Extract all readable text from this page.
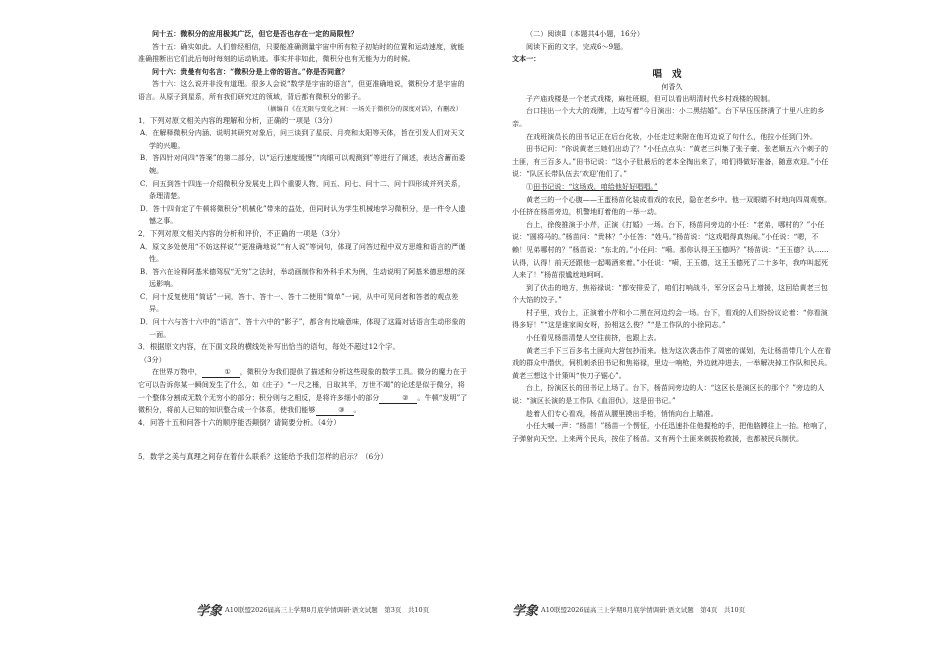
问十五：微积分的应用极其广泛，但它是否也存在一定的局限性？

答十五：确实如此。人们曾经相信，只要能准确测量宇宙中所有粒子初始时的位置和运动速度，就能准确推断出它们此后每时每刻的运动轨迹。事实并非如此，微积分也有无能为力的时候。

问十六：贵曼有句名言：“微积分是上帝的语言。”你是否同意？

答十六：这么说并非没有道理。很多人会说“数学是宇宙的语言”，但更准确地说，微积分才是宇宙的语言。从原子到星系，所有我们研究过的领域，背后都有微积分的影子。

（摘编自《在无限与变化之间：一场关于微积分的深度对话》，有删改）

1．下列对原文相关内容的理解和分析，正确的一项是（3分）

A．在解释微积分内涵、说明其研究对象后，问三谈到了星辰、月亮和太阳等天体，旨在引发人们对天文学的兴趣。

B．答四针对问四“答案”的第二部分，以“运行速度缓慢”“肉眼可以观测到”等进行了阐述，表达含蓄而委婉。

C．问五到答十四连一介绍微积分发展史上四个重要人物，问五、问七、问十二、问十四形成并列关系，条理清楚。

D．答十四肯定了牛顿将微积分“机械化”带来的益处，但同时认为学生机械地学习微积分，是一件令人遗憾之事。

2．下列对原文相关内容的分析和评价，不正确的一项是（3分）

A．原文多处使用“不妨这样说”“更准确地说”“有人说”等词句，体现了问答过程中双方思维和语言的严谨性。

B．答六在诠释阿基米德驾驭“无穷”之法时，举动画制作和外科手术为例，生动说明了阿基米德思想的深远影响。

C．问十反复使用“简话”一词，答十、答十一、答十二使用“简单”一词，从中可见问者和答者的观点差异。

D．问十六与答十六中的“语言”、答十六中的“影子”，都含有比喻意味，体现了这篇对话语言生动形象的一面。

3．根据原文内容，在下面文段的横线处补写出恰当的语句，每处不超过12个字。

（3分）

在世界万物中，	① ，微积分为我们提供了描述和分析这些现象的数学工具。微分的魔力在于它可以告诉你某一瞬间发生了什么，如《庄子》“一尺之棰，日取其半，万世不竭”的论述是似于微分，将一个整体分割成无数个无穷小的部分；积分则与之相反，是将许多细小的部分	② 。牛顿“发明”了微积分，将前人已知的知识整合成一个体系，使我们能够	③ 。

4．问答十五和问答十六的顺序能否颠倒？请简要分析。（4分）

5．数学之美与真理之间存在着什么联系？这能给予我们怎样的启示？（6分）

学象 A10联盟2026届高三上学期8月底学情调研·语文试题　第3页　共10页

（二）阅读Ⅱ（本题共4小题，16分）

阅读下面的文字，完成6～9题。

文本一：

唱戏

何香久

子产庙戏楼是一个老式戏楼，麻杜班眼，但可以看出明清时代乡村戏楼的规制。

台口挂出一个大大的戏牌，上边写着“今日演出：小二黑结婚”。台下早压压挤满了十里八庄的乡亲。

在戏班演员长的田书记正在后台化妆，小任走过来附在他耳边说了句什么，他拉小任到门外。

田书记问：“你说黄老三她们出动了？”小任点点头：“黄老三纠集了张子豪、张老顺五六个刺子的土匪，有三百多人。”田书记说：“这小子肚最后的老本全掏出来了，咱们得做好准备，随意欢迎。”小任说：“队区长带队伍去‘欢迎’他们了。”

①田书记说：“这场戏，咱给他好好唱唱。”

黄老三的一个心腹——王蛋杨苗化装成看戏的农民，隐在老乡中。他一双眼睛不时地向四周观察。小任挤在杨苗旁边，机警地盯着他的一举一动。

台上，徐俊推演于小芹，正演《打婚》一场。台下，杨苗问旁边的小任：“老弟，哪村的？”小任说：“圆将马的。”杨苗问：“贵林？”小任答：“姓马。”杨苗说：“这戏唱得真热闹。”小任说：“嗯，不赖！见弟哪村的？”杨苗说：“东北的。”小任问：“嗬。那你认得王玉德吗？”杨苗说：“王玉德？认……认得，认得！前天还跟他一起喝酒来着。”小任说：“嗬，王玉德，这王玉德死了二十多年，我咋叫起死人来了！”杨苗很尴尬地呵呵。

到了伏击的地方，焦裕禄说：“都安排妥了，咱们打响战斗，军分区会马上增援，这回给黄老三包个大馅的饺子。”

村子里，戏台上，正演着小芹和小二黑在河边约会一场。台下，看戏的人们纷纷议论着：“你看演得多好！”“这是谁家闺女呀，扮相这么俊？”“是工作队的小徐同志。”

小任看见杨苗清楚人空往前挤，也跟上去。

黄老三手下三百多名土匪向大营包抄而来。他为这次袭击作了周密的谋划，先让杨苗带几个人在看戏的群众中潜伏，伺机刺杀田书记和焦裕禄，里边一响枪，外边就冲进去，一举解决掉工作队和民兵。黄老三想这个计策叫“快刀子锯心”。

台上，扮演区长的田书记上场了。台下，杨苗问旁边的人：“这区长是演区长的那个？”旁边的人说：“演区长演的是工作队《血泪仇》，这是田书记。”

趁着人们专心看戏，杨苗从腰里摸出手枪，悄悄向台上瞄准。

小任大喊一声：“杨苗！”杨苗一个愣怔，小任迅速扑住他握枪的手，把他胳膊往上一抬。枪响了，子弹射向天空。上来两个民兵，按住了杨苗。又有两个土匪来刺拔枪救援，也都被民兵制伏。

学象 A10联盟2026届高三上学期8月底学情调研·语文试题　第4页　共10页
